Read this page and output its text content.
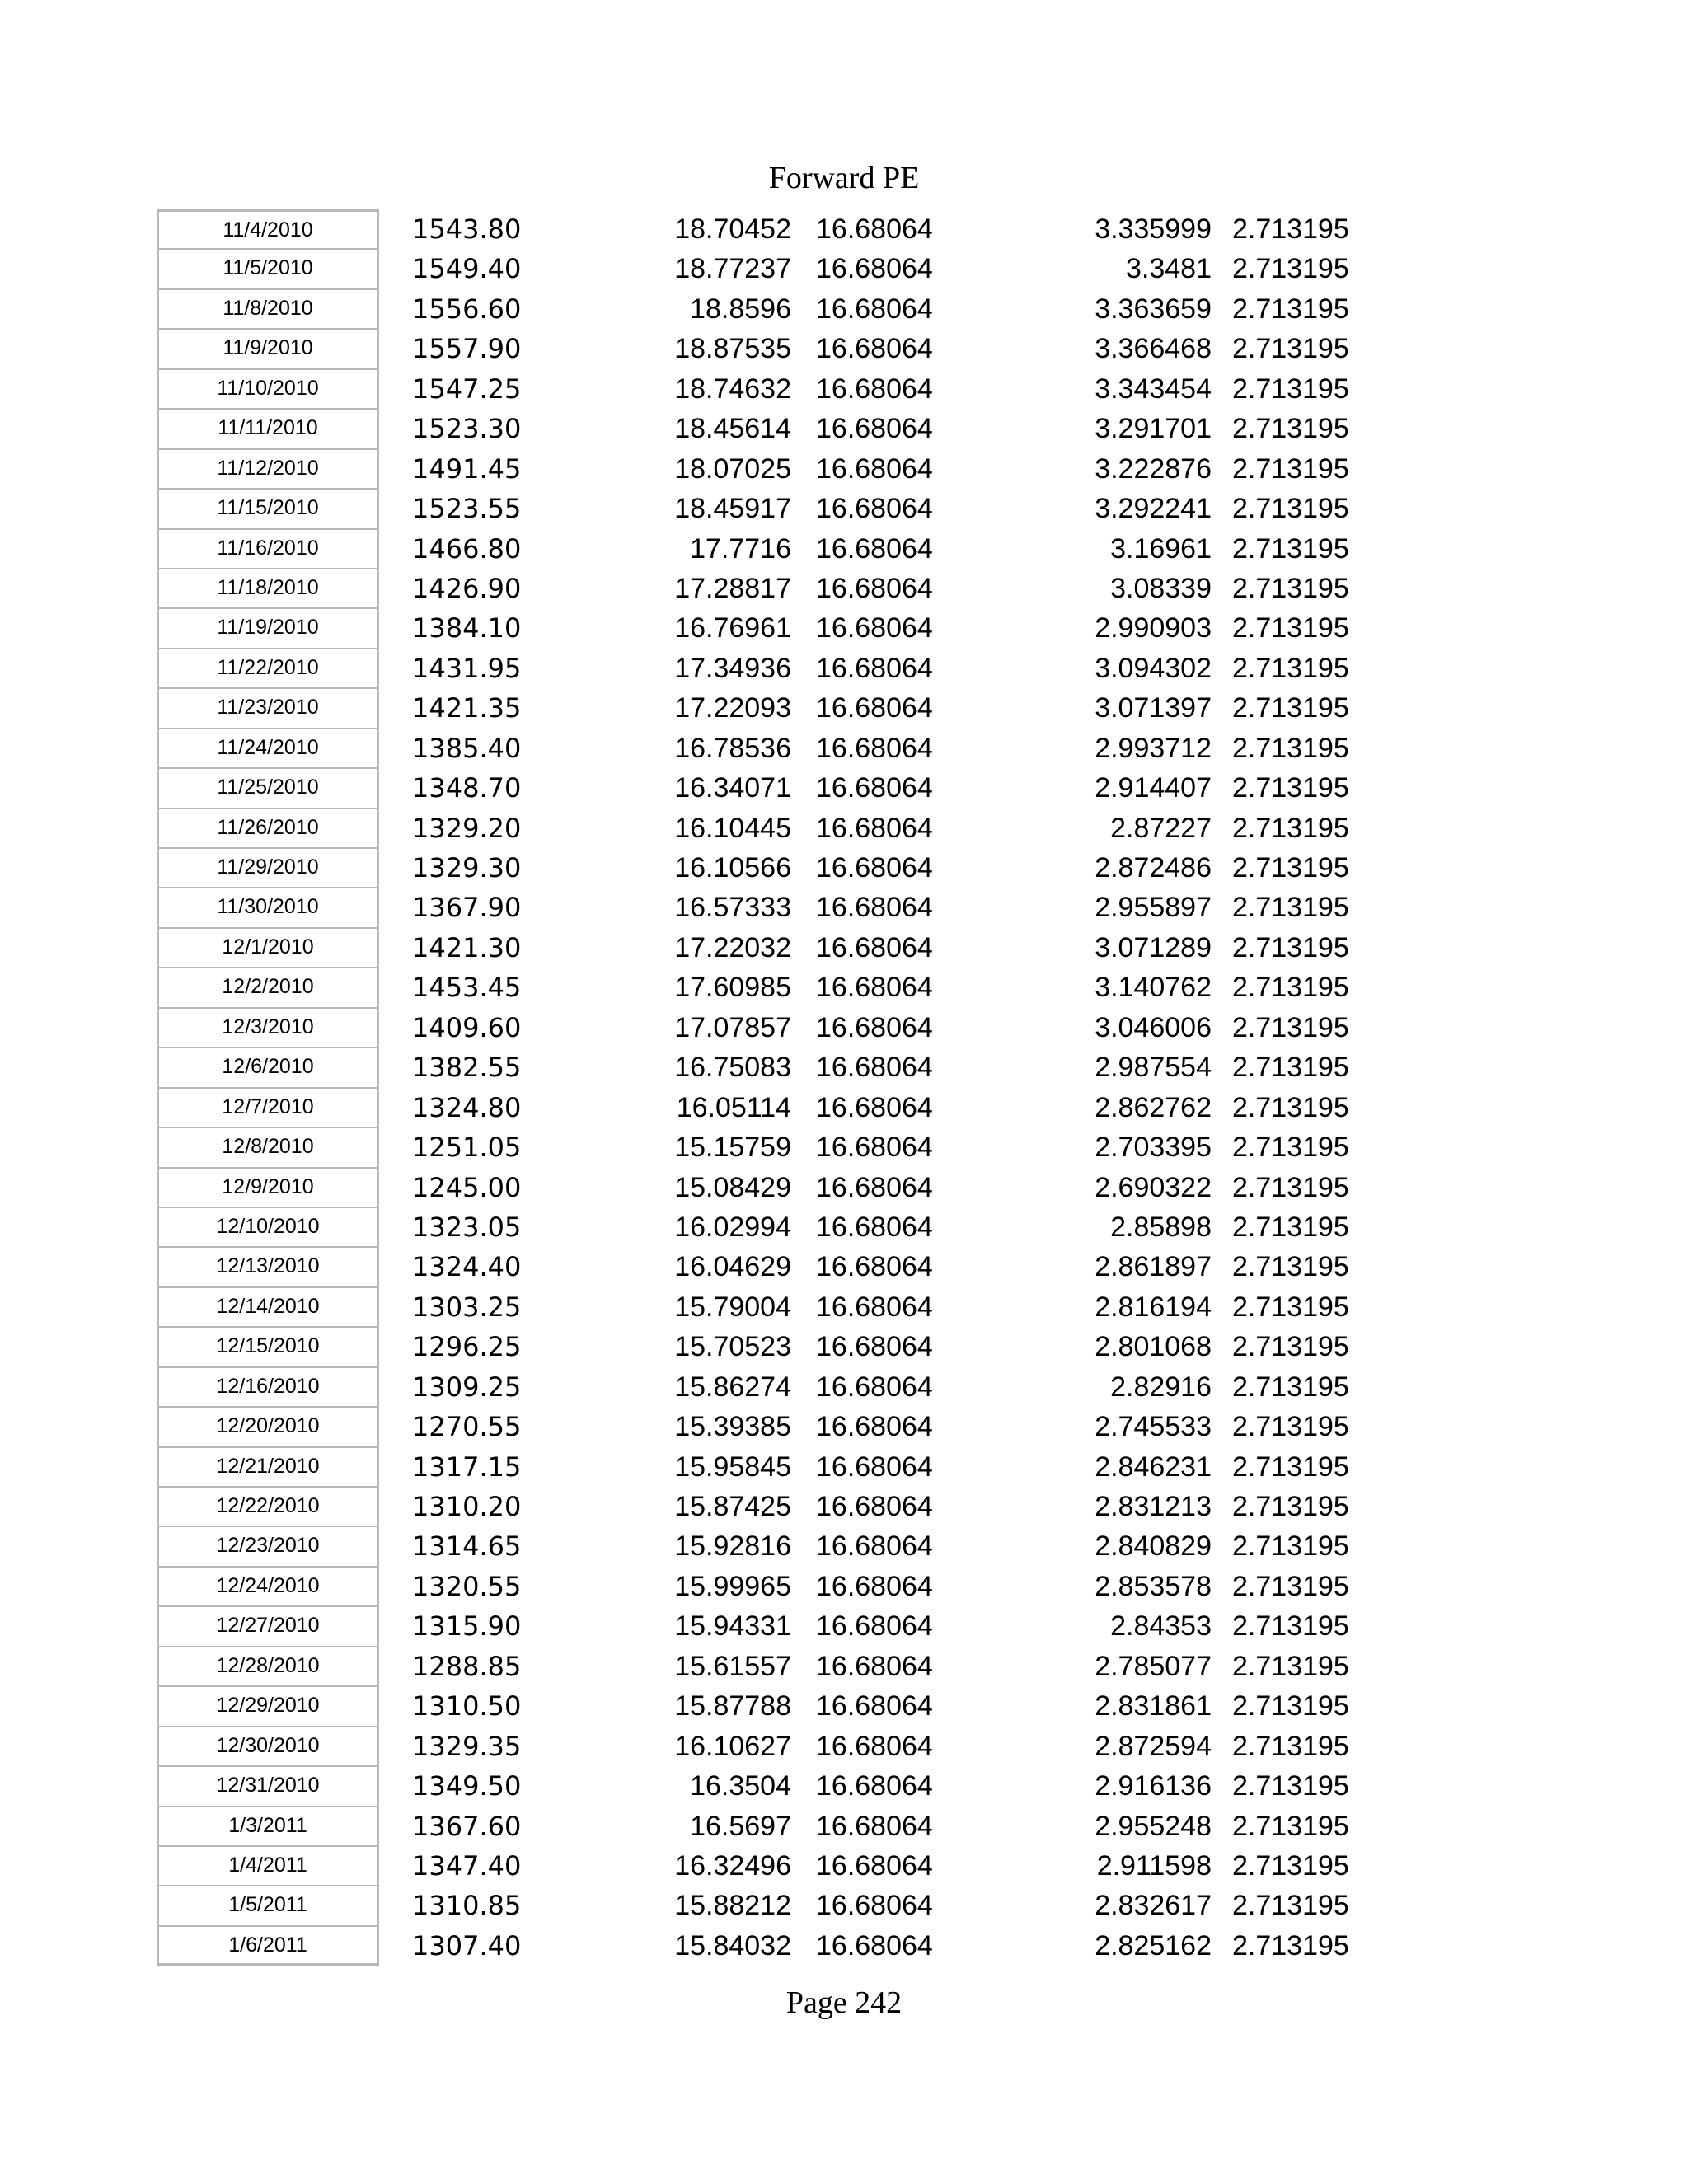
Forward PE
11/4/2010	1543.80	18.70452 16.68064	3.335999 2.713195
11/5/2010	1549.40	18.77237 16.68064	3.3481 2.713195
11/8/2010	1556.60	18.8596 16.68064	3.363659 2.713195
11/9/2010	1557.90	18.87535 16.68064	3.366468 2.713195
11/10/2010	1547.25	18.74632 16.68064	3.343454 2.713195
11/11/2010	1523.30	18.45614 16.68064	3.291701 2.713195
11/12/2010	1491.45	18.07025 16.68064	3.222876 2.713195
11/15/2010	1523.55	18.45917 16.68064	3.292241 2.713195
11/16/2010	1466.80	17.7716 16.68064	3.16961 2.713195
11/18/2010	1426.90	17.28817 16.68064	3.08339 2.713195
11/19/2010	1384.10	16.76961 16.68064	2.990903 2.713195
11/22/2010	1431.95	17.34936 16.68064	3.094302 2.713195
11/23/2010	1421.35	17.22093 16.68064	3.071397 2.713195
11/24/2010	1385.40	16.78536 16.68064	2.993712 2.713195
11/25/2010	1348.70	16.34071 16.68064	2.914407 2.713195
11/26/2010	1329.20	16.10445 16.68064	2.87227 2.713195
11/29/2010	1329.30	16.10566 16.68064	2.872486 2.713195
11/30/2010	1367.90	16.57333 16.68064	2.955897 2.713195
12/1/2010	1421.30	17.22032 16.68064	3.071289 2.713195
12/2/2010	1453.45	17.60985 16.68064	3.140762 2.713195
12/3/2010	1409.60	17.07857 16.68064	3.046006 2.713195
12/6/2010	1382.55	16.75083 16.68064	2.987554 2.713195
12/7/2010	1324.80	16.05114 16.68064	2.862762 2.713195
12/8/2010	1251.05	15.15759 16.68064	2.703395 2.713195
12/9/2010	1245.00	15.08429 16.68064	2.690322 2.713195
12/10/2010	1323.05	16.02994 16.68064	2.85898 2.713195
12/13/2010	1324.40	16.04629 16.68064	2.861897 2.713195
12/14/2010	1303.25	15.79004 16.68064	2.816194 2.713195
12/15/2010	1296.25	15.70523 16.68064	2.801068 2.713195
12/16/2010	1309.25	15.86274 16.68064	2.82916 2.713195
12/20/2010	1270.55	15.39385 16.68064	2.745533 2.713195
12/21/2010	1317.15	15.95845 16.68064	2.846231 2.713195
12/22/2010	1310.20	15.87425 16.68064	2.831213 2.713195
12/23/2010	1314.65	15.92816 16.68064	2.840829 2.713195
12/24/2010	1320.55	15.99965 16.68064	2.853578 2.713195
12/27/2010	1315.90	15.94331 16.68064	2.84353 2.713195
12/28/2010	1288.85	15.61557 16.68064	2.785077 2.713195
12/29/2010	1310.50	15.87788 16.68064	2.831861 2.713195
12/30/2010	1329.35	16.10627 16.68064	2.872594 2.713195
12/31/2010	1349.50	16.3504 16.68064	2.916136 2.713195
1/3/2011	1367.60	16.5697 16.68064	2.955248 2.713195
1/4/2011	1347.40	16.32496 16.68064	2.911598 2.713195
1/5/2011	1310.85	15.88212 16.68064	2.832617 2.713195
1/6/2011	1307.40	15.84032 16.68064	2.825162 2.713195
Page 242
